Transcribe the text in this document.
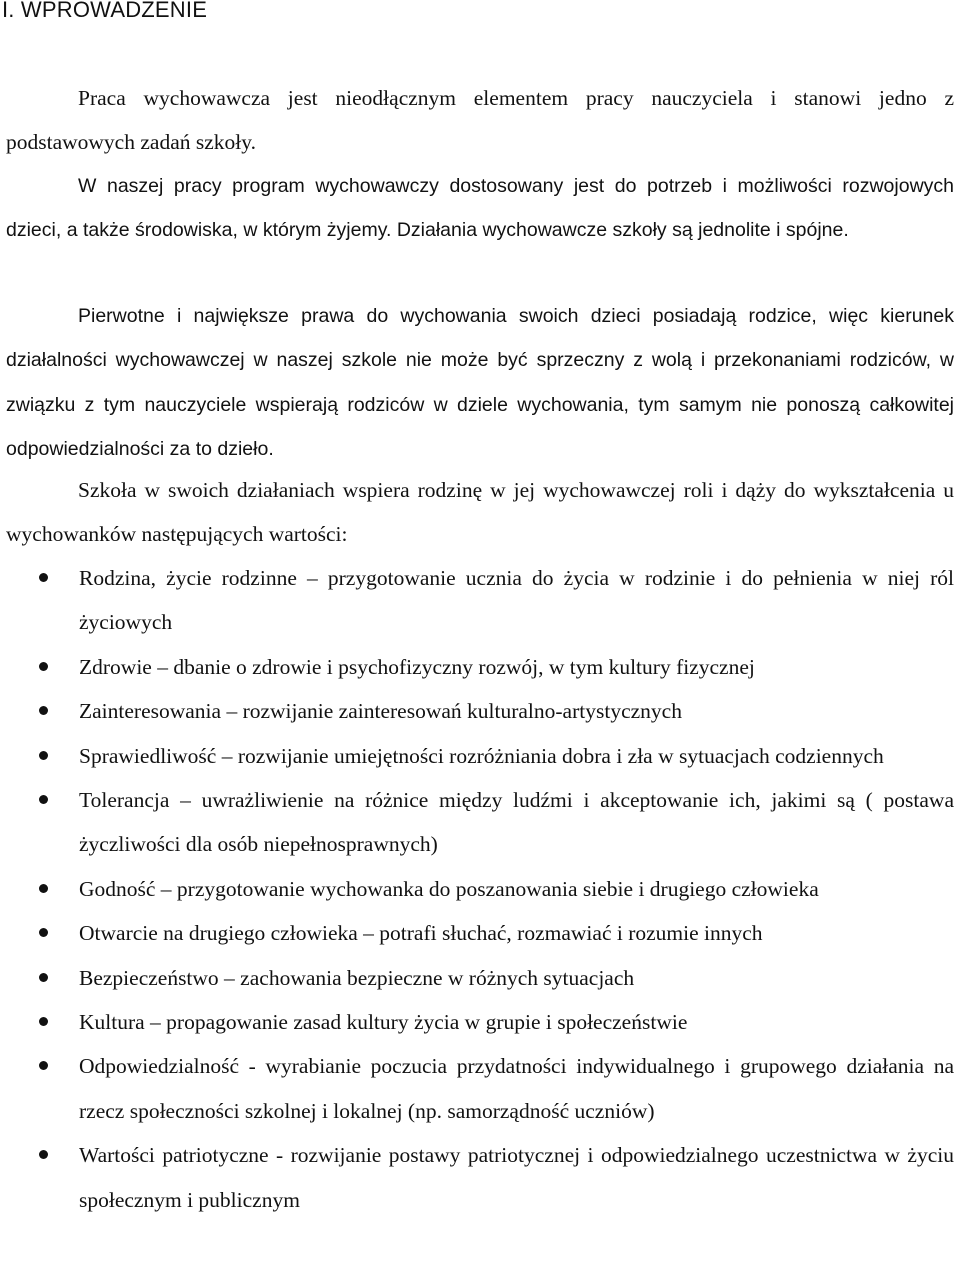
I. WPROWADZENIE

Praca wychowawcza jest nieodłącznym elementem pracy nauczyciela i stanowi jedno z podstawowych zadań szkoły.

W naszej pracy program wychowawczy dostosowany jest do potrzeb i możliwości rozwojowych dzieci, a także środowiska, w którym żyjemy. Działania wychowawcze szkoły są jednolite i spójne.

Pierwotne i największe prawa do wychowania swoich dzieci posiadają rodzice, więc kierunek działalności wychowawczej w naszej szkole nie może być sprzeczny z wolą i przekonaniami rodziców, w związku z tym nauczyciele wspierają rodziców w dziele wychowania, tym samym nie ponoszą całkowitej odpowiedzialności za to dzieło.

Szkoła w swoich działaniach wspiera rodzinę w jej wychowawczej roli i dąży do wykształcenia u wychowanków następujących wartości:

Rodzina, życie rodzinne – przygotowanie ucznia do życia w rodzinie i do pełnienia w niej ról życiowych
Zdrowie – dbanie o zdrowie i psychofizyczny rozwój, w tym kultury fizycznej
Zainteresowania – rozwijanie zainteresowań kulturalno-artystycznych
Sprawiedliwość – rozwijanie umiejętności rozróżniania dobra i zła w sytuacjach codziennych
Tolerancja – uwrażliwienie na różnice między ludźmi i akceptowanie ich, jakimi są ( postawa życzliwości dla osób niepełnosprawnych)
Godność – przygotowanie wychowanka do poszanowania siebie i drugiego człowieka
Otwarcie na drugiego człowieka – potrafi słuchać, rozmawiać i rozumie innych
Bezpieczeństwo – zachowania bezpieczne w różnych sytuacjach
Kultura – propagowanie zasad kultury życia w grupie i społeczeństwie
Odpowiedzialność - wyrabianie poczucia przydatności indywidualnego i grupowego działania na rzecz społeczności szkolnej i lokalnej (np. samorządność uczniów)
Wartości patriotyczne - rozwijanie postawy patriotycznej i odpowiedzialnego uczestnictwa w życiu społecznym i publicznym
